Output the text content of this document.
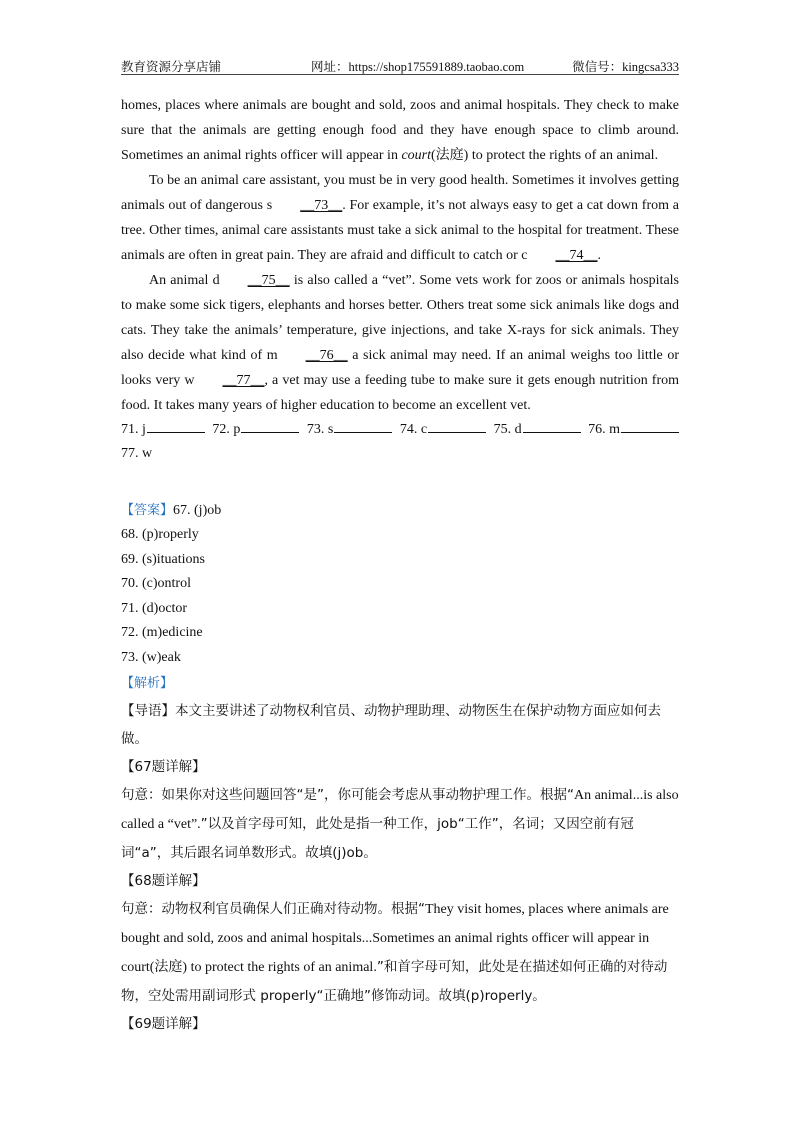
教育资源分享店铺	网址：https://shop175591889.taobao.com	微信号：kingcsa333

homes, places where animals are bought and sold, zoos and animal hospitals. They check to make sure that the animals are getting enough food and they have enough space to climb around. Sometimes an animal rights officer will appear in court(法庭) to protect the rights of an animal.

To be an animal care assistant, you must be in very good health. Sometimes it involves getting animals out of dangerous s __73__. For example, it’s not always easy to get a cat down from a tree. Other times, animal care assistants must take a sick animal to the hospital for treatment. These animals are often in great pain. They are afraid and difficult to catch or c __74__.

An animal d __75__ is also called a “vet”. Some vets work for zoos or animals hospitals to make some sick tigers, elephants and horses better. Others treat some sick animals like dogs and cats. They take the animals’ temperature, give injections, and take X-rays for sick animals. They also decide what kind of m __76__ a sick animal may need. If an animal weighs too little or looks very w __77__, a vet may use a feeding tube to make sure it gets enough nutrition from food. It takes many years of higher education to become an excellent vet.

71. j	72. p	73. s	74. c	75. d	76. m
77. w
【答案】67. (j)ob
68. (p)roperly
69. (s)ituations
70. (c)ontrol
71. (d)octor
72. (m)edicine
73. (w)eak
【解析】

【导语】本文主要讲述了动物权利官员、动物护理助理、动物医生在保护动物方面应如何去做。

【67题详解】

句意：如果你对这些问题回答“是”，你可能会考虑从事动物护理工作。根据“An animal...is also called a “vet”.”以及首字母可知，此处是指一种工作，job“工作”，名词；又因空前有冠词“a”，其后跟名词单数形式。故填(j)ob。

【68题详解】

句意：动物权利官员确保人们正确对待动物。根据“They visit homes, places where animals are bought and sold, zoos and animal hospitals...Sometimes an animal rights officer will appear in court(法庭) to protect the rights of an animal.”和首字母可知，此处是在描述如何正确的对待动物，空处需用副词形式 properly“正确地”修饰动词。故填(p)roperly。

【69题详解】
